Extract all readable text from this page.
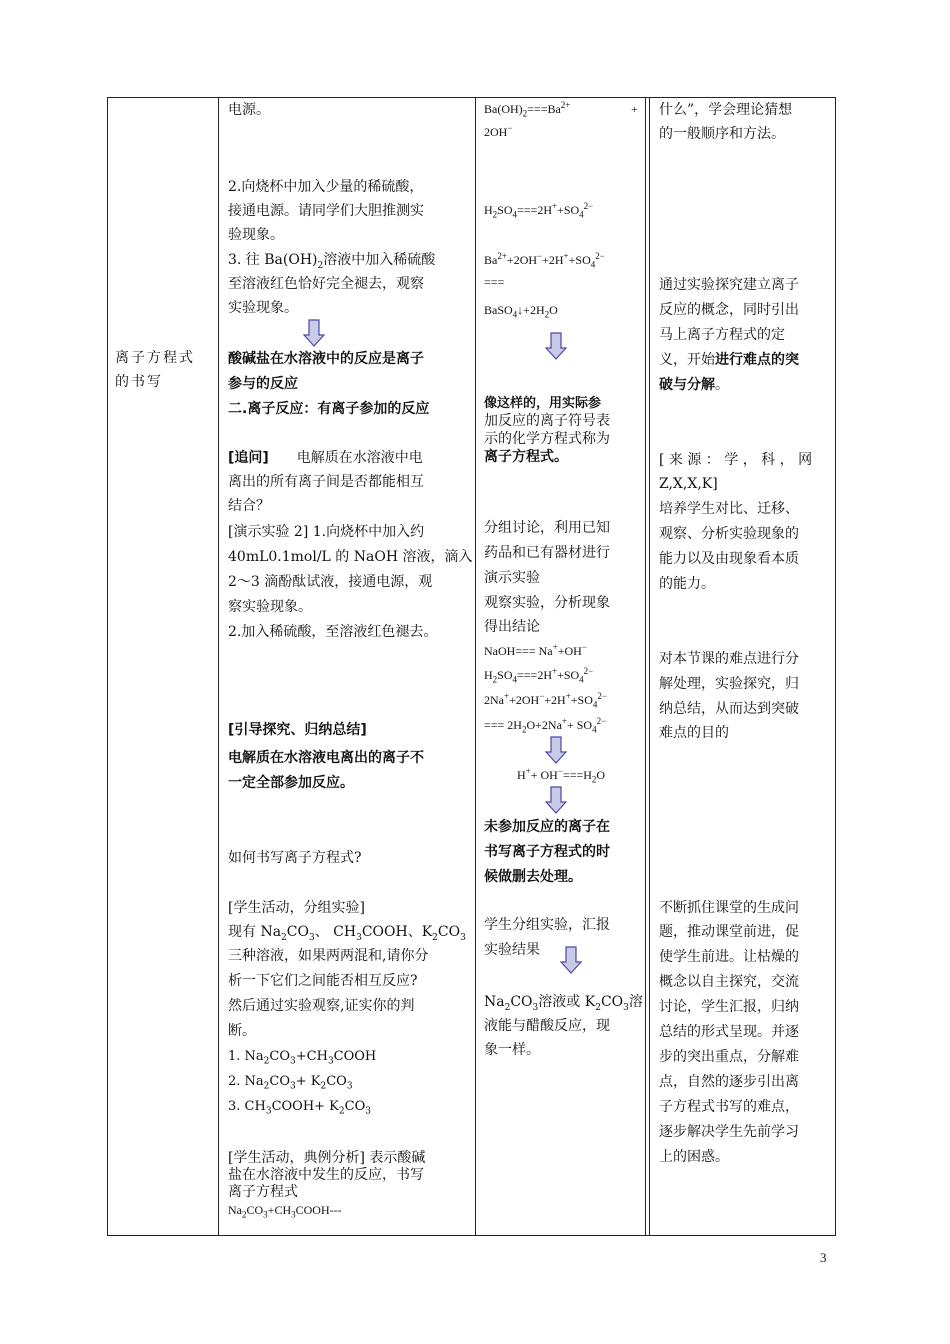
离子方程式
的书写
电源。
2.向烧杯中加入少量的稀硫酸，
接通电源。请同学们大胆推测实
验现象。
3. 往 $Ba(OH)_2$溶液中加入稀硫酸
至溶液红色恰好完全褪去，观察
实验现象。
酸碱盐在水溶液中的反应是离子
参与的反应
二.离子反应：有离子参加的反应
[追问] 电解质在水溶液中电
离出的所有离子间是否都能相互
结合？
[演示实验 2] 1.向烧杯中加入约
40mL0.1mol/L 的 NaOH 溶液，滴入
2～3 滴酚酞试液，接通电源，观
察实验现象。
2.加入稀硫酸，至溶液红色褪去。
[引导探究、归纳总结]
电解质在水溶液电离出的离子不
一定全部参加反应。
如何书写离子方程式?
[学生活动，分组实验]
现有 $Na_2CO_3$、 $CH_3COOH$、$K_2CO_3$
三种溶液，如果两两混和,请你分
析一下它们之间能否相互反应?
然后通过实验观察,证实你的判
断。
1. $Na_2CO_3+CH_3COOH$
2. $Na_2CO_3+ K_2CO_3$
3. $CH_3COOH+ K_2CO_3$
[学生活动，典例分析] 表示酸碱
盐在水溶液中发生的反应，书写
离子方程式
$Na_2CO_3+CH_3COOH---$
$Ba(OH)_2===Ba^{2+}$	+
2OH−
$H_2SO_4===2H^++SO_4^{2-}$
$Ba^{2+}+2OH^-+2H^++SO_4^{2-}$
===
$BaSO_4↓+2H_2O$
像这样的，用实际参
加反应的离子符号表
示的化学方程式称为
离子方程式。
分组讨论，利用已知
药品和已有器材进行
演示实验
观察实验，分析现象
得出结论
NaOH=== Na++OH−
$H_2SO_4===2H^++SO_4^{2-}$
$2Na^++2OH^-+2H^++SO_4^{2-}$
=== $2H_2O+2Na^++ SO_4^{2-}$
$H^++ OH^-===H_2O$
未参加反应的离子在
书写离子方程式的时
候做删去处理。
学生分组实验，汇报
实验结果
$Na_2CO_3$溶液或 $K_2CO_3$溶
液能与醋酸反应，现
象一样。
什么”，学会理论猜想
的一般顺序和方法。
通过实验探究建立离子
反应的概念，同时引出
马上离子方程式的定
义，开始进行难点的突
破与分解。
[ 来 源 ： 学 ， 科 ， 网
Z,X,X,K]
培养学生对比、迁移、
观察、分析实验现象的
能力以及由现象看本质
的能力。
对本节课的难点进行分
解处理，实验探究，归
纳总结，从而达到突破
难点的目的
不断抓住课堂的生成问
题，推动课堂前进，促
使学生前进。让枯燥的
概念以自主探究，交流
讨论，学生汇报，归纳
总结的形式呈现。并逐
步的突出重点，分解难
点，自然的逐步引出离
子方程式书写的难点，
逐步解决学生先前学习
上的困惑。
3
